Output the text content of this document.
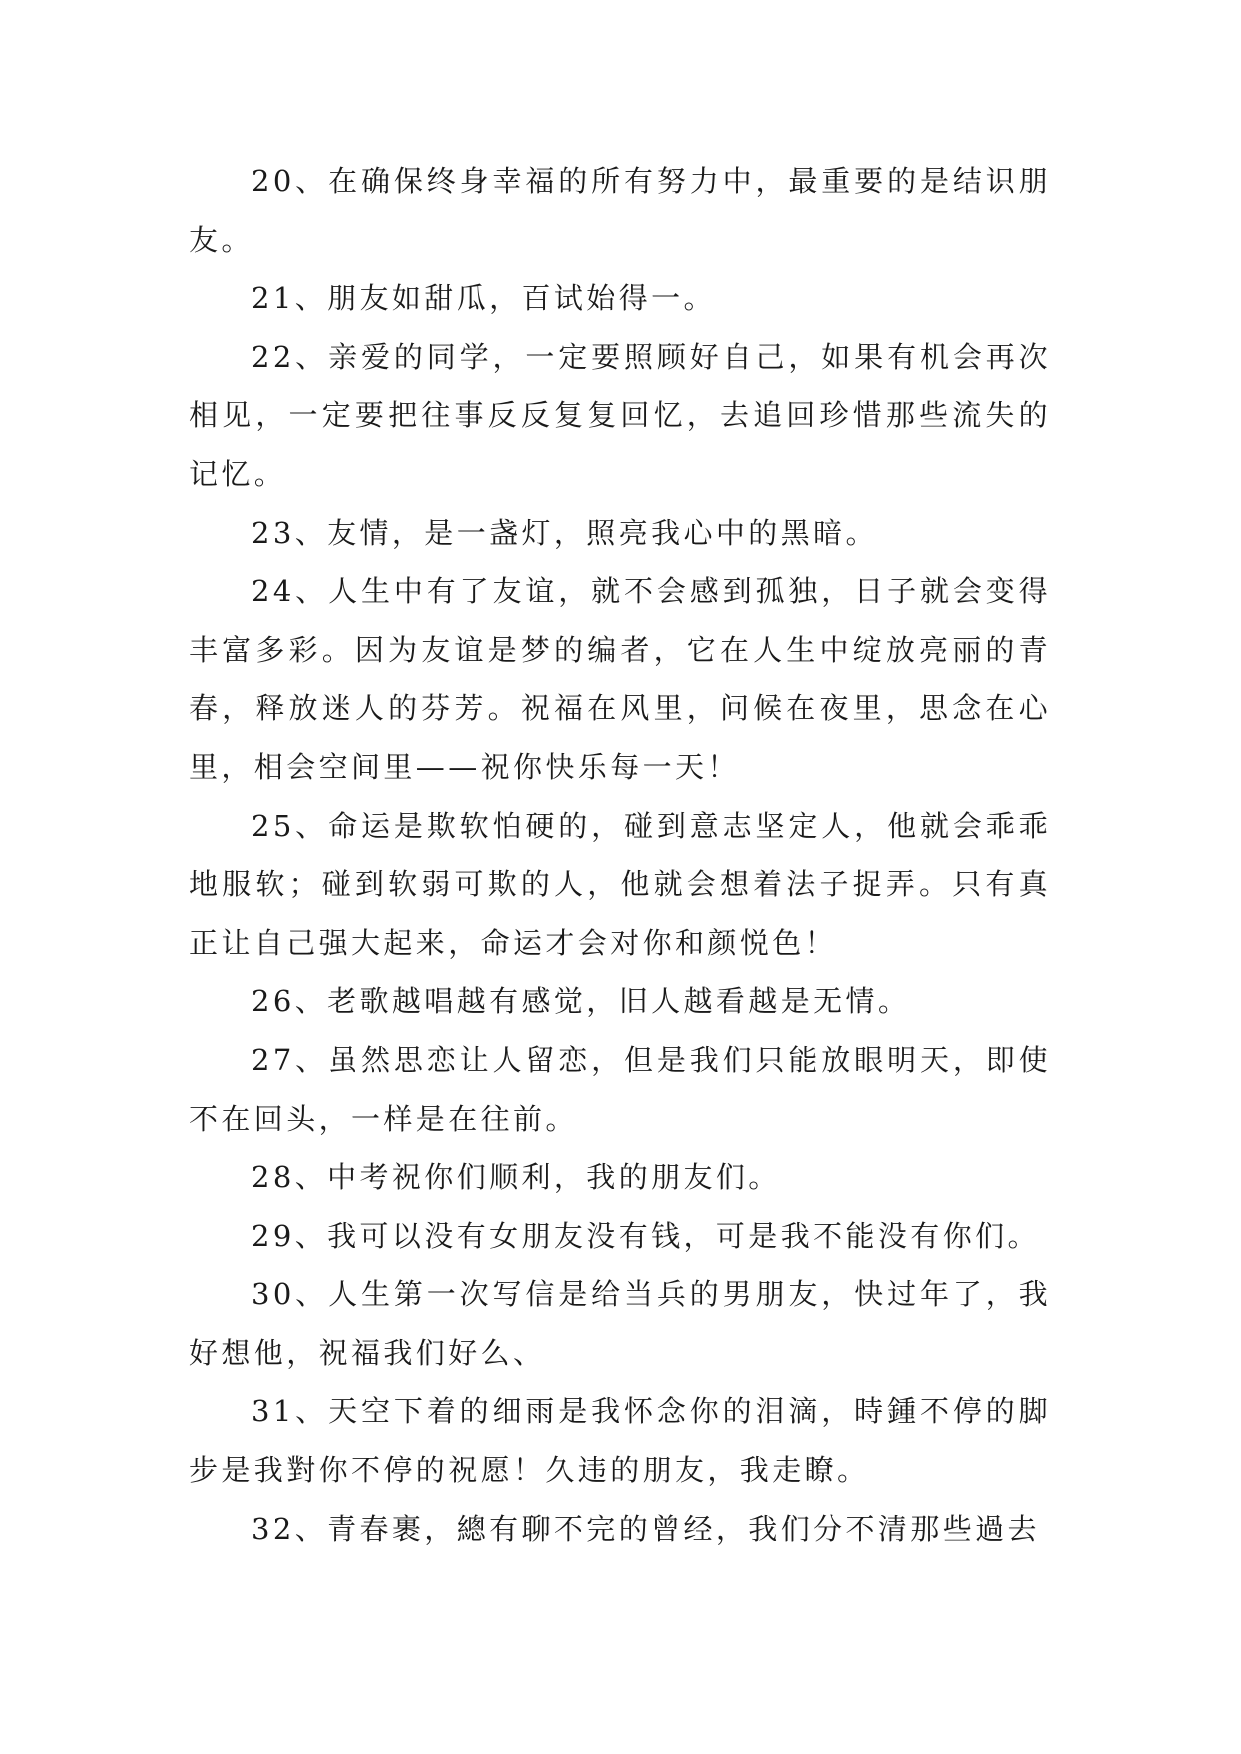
20、在确保终身幸福的所有努力中，最重要的是结识朋友。

21、朋友如甜瓜，百试始得一。

22、亲爱的同学，一定要照顾好自己，如果有机会再次相见，一定要把往事反反复复回忆，去追回珍惜那些流失的记忆。

23、友情，是一盏灯，照亮我心中的黑暗。

24、人生中有了友谊，就不会感到孤独，日子就会变得丰富多彩。因为友谊是梦的编者，它在人生中绽放亮丽的青春，释放迷人的芬芳。祝福在风里，问候在夜里，思念在心里，相会空间里——祝你快乐每一天！

25、命运是欺软怕硬的，碰到意志坚定人，他就会乖乖地服软；碰到软弱可欺的人，他就会想着法子捉弄。只有真正让自己强大起来，命运才会对你和颜悦色！

26、老歌越唱越有感觉，旧人越看越是无情。

27、虽然思恋让人留恋，但是我们只能放眼明天，即使不在回头，一样是在往前。

28、中考祝你们顺利，我的朋友们。

29、我可以没有女朋友没有钱，可是我不能没有你们。

30、人生第一次写信是给当兵的男朋友，快过年了，我好想他，祝福我们好么、

31、天空下着的细雨是我怀念你的泪滴，時鍾不停的脚步是我對你不停的祝愿！久违的朋友，我走瞭。

32、青春裹，總有聊不完的曾经，我们分不清那些過去
